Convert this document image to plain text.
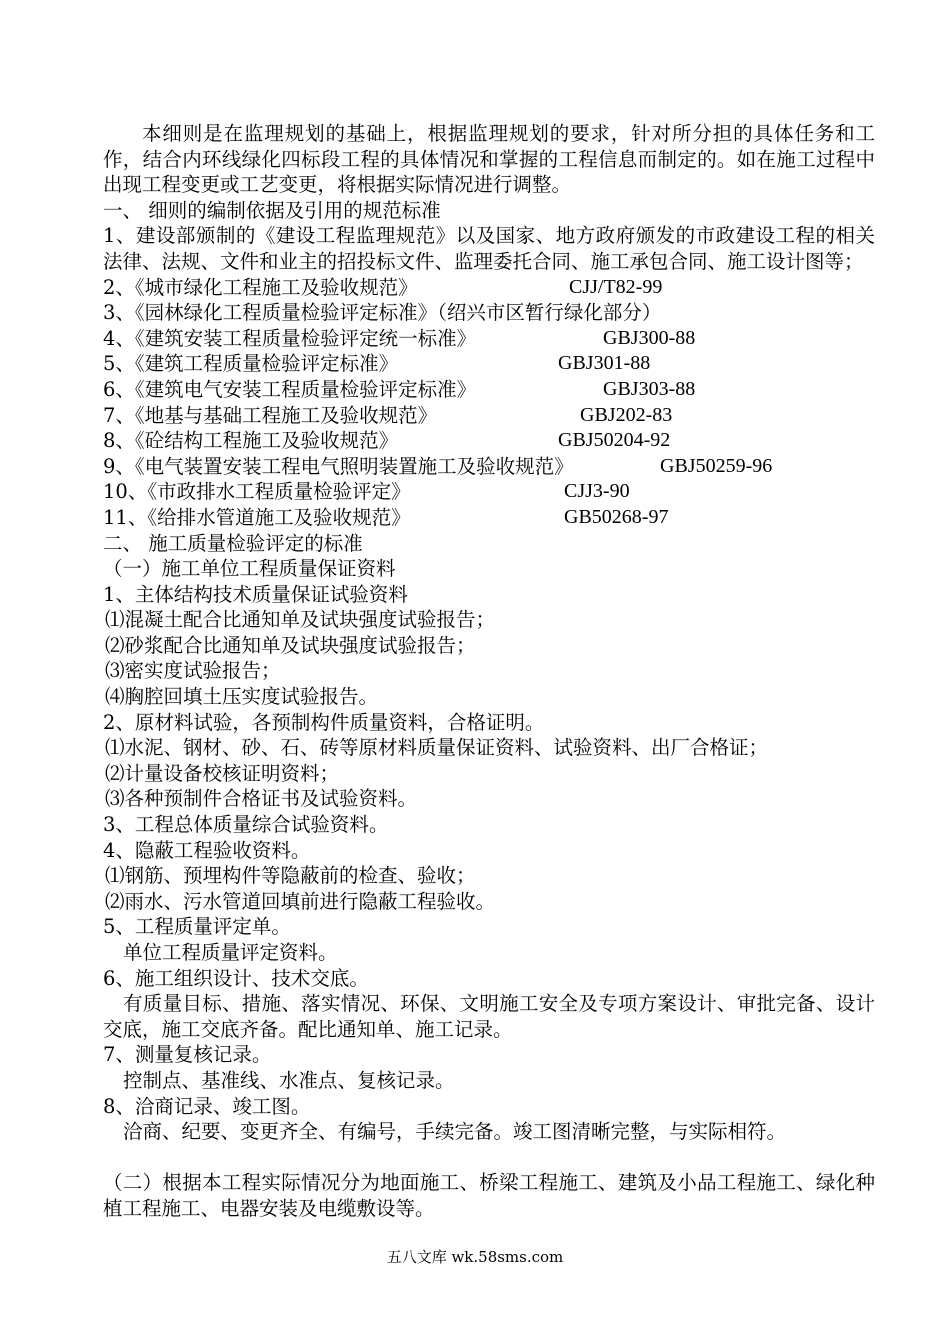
本细则是在监理规划的基础上，根据监理规划的要求，针对所分担的具体任务和工作，结合内环线绿化四标段工程的具体情况和掌握的工程信息而制定的。如在施工过程中出现工程变更或工艺变更，将根据实际情况进行调整。
一、 细则的编制依据及引用的规范标准
1、建设部颁制的《建设工程监理规范》以及国家、地方政府颁发的市政建设工程的相关法律、法规、文件和业主的招投标文件、监理委托合同、施工承包合同、施工设计图等；
2、《城市绿化工程施工及验收规范》	CJJ/T82-99
3、《园林绿化工程质量检验评定标准》（绍兴市区暂行绿化部分）
4、《建筑安装工程质量检验评定统一标准》	GBJ300-88
5、《建筑工程质量检验评定标准》	GBJ301-88
6、《建筑电气安装工程质量检验评定标准》	GBJ303-88
7、《地基与基础工程施工及验收规范》	GBJ202-83
8、《砼结构工程施工及验收规范》	GBJ50204-92
9、《电气装置安装工程电气照明装置施工及验收规范》	GBJ50259-96
10、《市政排水工程质量检验评定》	CJJ3-90
11、《给排水管道施工及验收规范》	GB50268-97
二、 施工质量检验评定的标准
（一）施工单位工程质量保证资料
1、主体结构技术质量保证试验资料
⑴混凝土配合比通知单及试块强度试验报告；
⑵砂浆配合比通知单及试块强度试验报告；
⑶密实度试验报告；
⑷胸腔回填土压实度试验报告。
2、原材料试验，各预制构件质量资料，合格证明。
⑴水泥、钢材、砂、石、砖等原材料质量保证资料、试验资料、出厂合格证；
⑵计量设备校核证明资料；
⑶各种预制件合格证书及试验资料。
3、工程总体质量综合试验资料。
4、隐蔽工程验收资料。
⑴钢筋、预埋构件等隐蔽前的检查、验收；
⑵雨水、污水管道回填前进行隐蔽工程验收。
5、工程质量评定单。
单位工程质量评定资料。
6、施工组织设计、技术交底。
有质量目标、措施、落实情况、环保、文明施工安全及专项方案设计、审批完备、设计交底，施工交底齐备。配比通知单、施工记录。
7、测量复核记录。
控制点、基准线、水准点、复核记录。
8、洽商记录、竣工图。
洽商、纪要、变更齐全、有编号，手续完备。竣工图清晰完整，与实际相符。
（二）根据本工程实际情况分为地面施工、桥梁工程施工、建筑及小品工程施工、绿化种植工程施工、电器安装及电缆敷设等。
五八文库 wk.58sms.com
